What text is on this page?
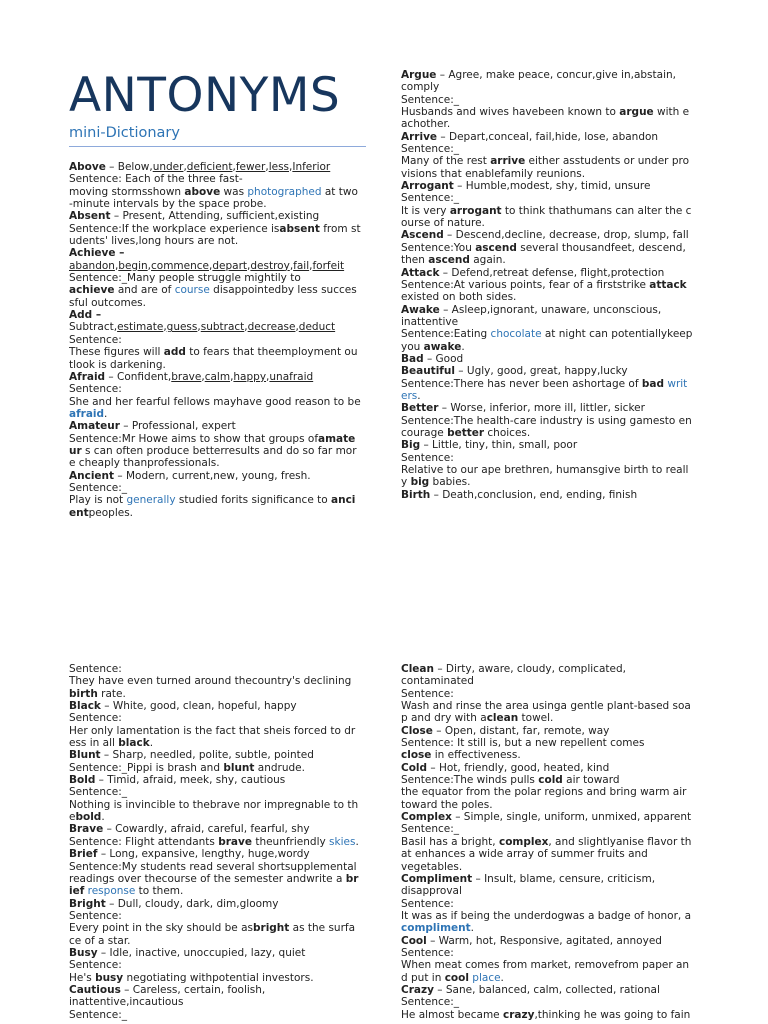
ANTONYMS
mini-Dictionary
Above – Below,under,deficient,fewer,less,Inferior
Sentence: Each of the three fast-
moving stormsshown above was photographed at two
-minute intervals by the space probe.
Absent – Present, Attending, sufficient,existing
Sentence:If the workplace experience isabsent from st
udents' lives,long hours are not.
Achieve –
abandon,begin,commence,depart,destroy,fail,forfeit
Sentence:_Many people struggle mightily to
achieve and are of course disappointedby less succes
sful outcomes.
Add –
Subtract,estimate,guess,subtract,decrease,deduct
Sentence:
These figures will add to fears that theemployment ou
tlook is darkening.
Afraid – Confident,brave,calm,happy,unafraid
Sentence:
She and her fearful fellows mayhave good reason to be
afraid.
Amateur – Professional, expert
Sentence:Mr Howe aims to show that groups ofamate
ur s can often produce betterresults and do so far mor
e cheaply thanprofessionals.
Ancient – Modern, current,new, young, fresh.
Sentence:_
Play is not generally studied forits significance to anci
entpeoples.
Argue – Agree, make peace, concur,give in,abstain,
comply
Sentence:_
Husbands and wives havebeen known to argue with e
achother.
Arrive – Depart,conceal, fail,hide, lose, abandon
Sentence:_
Many of the rest arrive either asstudents or under pro
visions that enablefamily reunions.
Arrogant – Humble,modest, shy, timid, unsure
Sentence:_
It is very arrogant to think thathumans can alter the c
ourse of nature.
Ascend – Descend,decline, decrease, drop, slump, fall
Sentence:You ascend several thousandfeet, descend,
then ascend again.
Attack – Defend,retreat defense, flight,protection
Sentence:At various points, fear of a firststrike attack
existed on both sides.
Awake – Asleep,ignorant, unaware, unconscious,
inattentive
Sentence:Eating chocolate at night can potentiallykeep
you awake.
Bad – Good
Beautiful – Ugly, good, great, happy,lucky
Sentence:There has never been ashortage of bad writ
ers.
Better – Worse, inferior, more ill, littler, sicker
Sentence:The health-care industry is using gamesto en
courage better choices.
Big – Little, tiny, thin, small, poor
Sentence:
Relative to our ape brethren, humansgive birth to reall
y big babies.
Birth – Death,conclusion, end, ending, finish
Sentence:
They have even turned around thecountry's declining
birth rate.
Black – White, good, clean, hopeful, happy
Sentence:
Her only lamentation is the fact that sheis forced to dr
ess in all black.
Blunt – Sharp, needled, polite, subtle, pointed
Sentence:_Pippi is brash and blunt andrude.
Bold – Timid, afraid, meek, shy, cautious
Sentence:_
Nothing is invincible to thebrave nor impregnable to th
ebold.
Brave – Cowardly, afraid, careful, fearful, shy
Sentence: Flight attendants brave theunfriendly skies.
Brief – Long, expansive, lengthy, huge,wordy
Sentence:My students read several shortsupplemental
readings over thecourse of the semester andwrite a br
ief response to them.
Bright – Dull, cloudy, dark, dim,gloomy
Sentence:
Every point in the sky should be asbright as the surfa
ce of a star.
Busy – Idle, inactive, unoccupied, lazy, quiet
Sentence:
He's busy negotiating withpotential investors.
Cautious – Careless, certain, foolish,
inattentive,incautious
Sentence:_
Clean – Dirty, aware, cloudy, complicated,
contaminated
Sentence:
Wash and rinse the area usinga gentle plant-based soa
p and dry with aclean towel.
Close – Open, distant, far, remote, way
Sentence: It still is, but a new repellent comes
close in effectiveness.
Cold – Hot, friendly, good, heated, kind
Sentence:The winds pulls cold air toward
the equator from the polar regions and bring warm air
toward the poles.
Complex – Simple, single, uniform, unmixed, apparent
Sentence:_
Basil has a bright, complex, and slightlyanise flavor th
at enhances a wide array of summer fruits and
vegetables.
Compliment – Insult, blame, censure, criticism,
disapproval
Sentence:
It was as if being the underdogwas a badge of honor, a
compliment.
Cool – Warm, hot, Responsive, agitated, annoyed
Sentence:
When meat comes from market, removefrom paper an
d put in cool place.
Crazy – Sane, balanced, calm, collected, rational
Sentence:_
He almost became crazy,thinking he was going to fain
